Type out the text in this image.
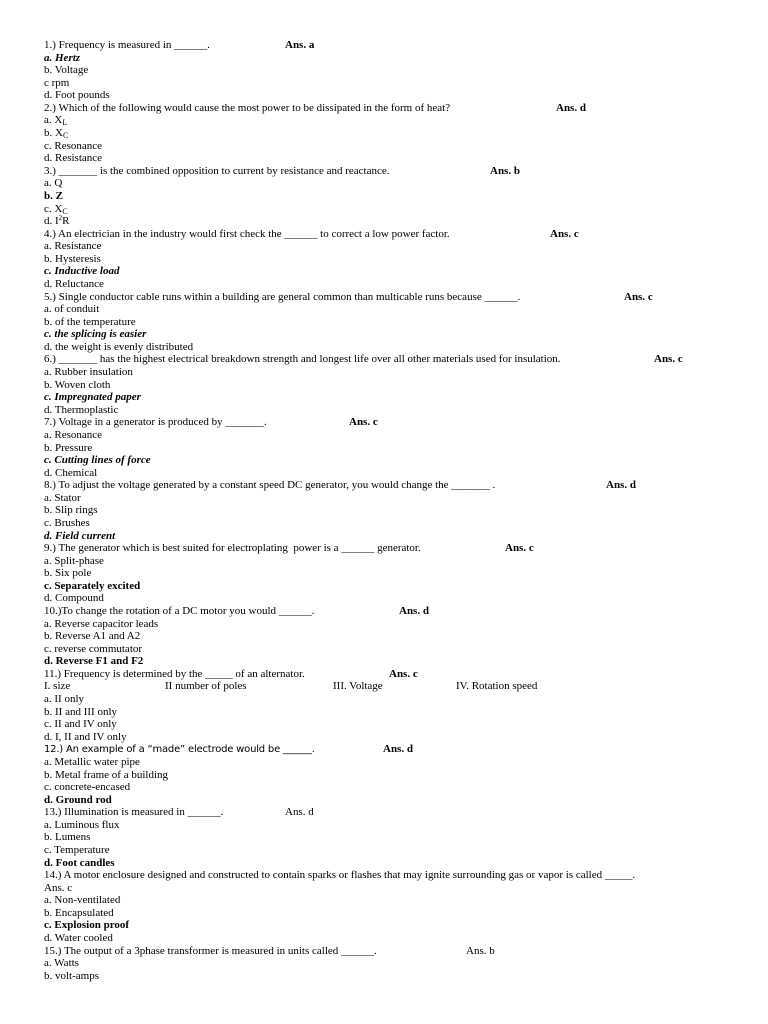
1.) Frequency is measured in ______.	Ans. a
a. Hertz
b. Voltage
c rpm
d. Foot pounds
2.) Which of the following would cause the most power to be dissipated in the form of heat?	Ans. d
a. $X_L$
b. $X_C$
c. Resonance
d. Resistance
3.) _______ is the combined opposition to current by resistance and reactance.	Ans. b
a. Q
b. Z
c. $X_C$
d. $I^2R$
4.) An electrician in the industry would first check the ______ to correct a low power factor.	Ans. c
a. Resistance
b. Hysteresis
c. Inductive load
d. Reluctance
5.) Single conductor cable runs within a building are general common than multicable runs because ______.	Ans. c
a. of conduit
b. of the temperature
c. the splicing is easier
d. the weight is evenly distributed
6.) _______ has the highest electrical breakdown strength and longest life over all other materials used for insulation.	Ans. c
a. Rubber insulation
b. Woven cloth
c. Impregnated paper
d. Thermoplastic
7.) Voltage in a generator is produced by _______.	Ans. c
a. Resonance
b. Pressure
c. Cutting lines of force
d. Chemical
8.) To adjust the voltage generated by a constant speed DC generator, you would change the _______ .	Ans. d
a. Stator
b. Slip rings
c. Brushes
d. Field current
9.) The generator which is best suited for electroplating  power is a ______ generator.	Ans. c
a. Split-phase
b. Six pole
c. Separately excited
d. Compound
10.)To change the rotation of a DC motor you would ______.	Ans. d
a. Reverse capacitor leads
b. Reverse A1 and A2
c. reverse commutator
d. Reverse F1 and F2
11.) Frequency is determined by the _____ of an alternator.	Ans. c
I. size	II number of poles	III. Voltage	IV. Rotation speed
a. II only
b. II and III only
c. II and IV only
d. I, II and IV only
12.) An example of a “made” electrode would be ______.	Ans. d
a. Metallic water pipe
b. Metal frame of a building
c. concrete-encased
d. Ground rod
13.) Illumination is measured in ______.	Ans. d
a. Luminous flux
b. Lumens
c. Temperature
d. Foot candles
14.) A motor enclosure designed and constructed to contain sparks or flashes that may ignite surrounding gas or vapor is called _____.
Ans. c
a. Non-ventilated
b. Encapsulated
c. Explosion proof
d. Water cooled
15.) The output of a 3phase transformer is measured in units called ______.	Ans. b
a. Watts
b. volt-amps
